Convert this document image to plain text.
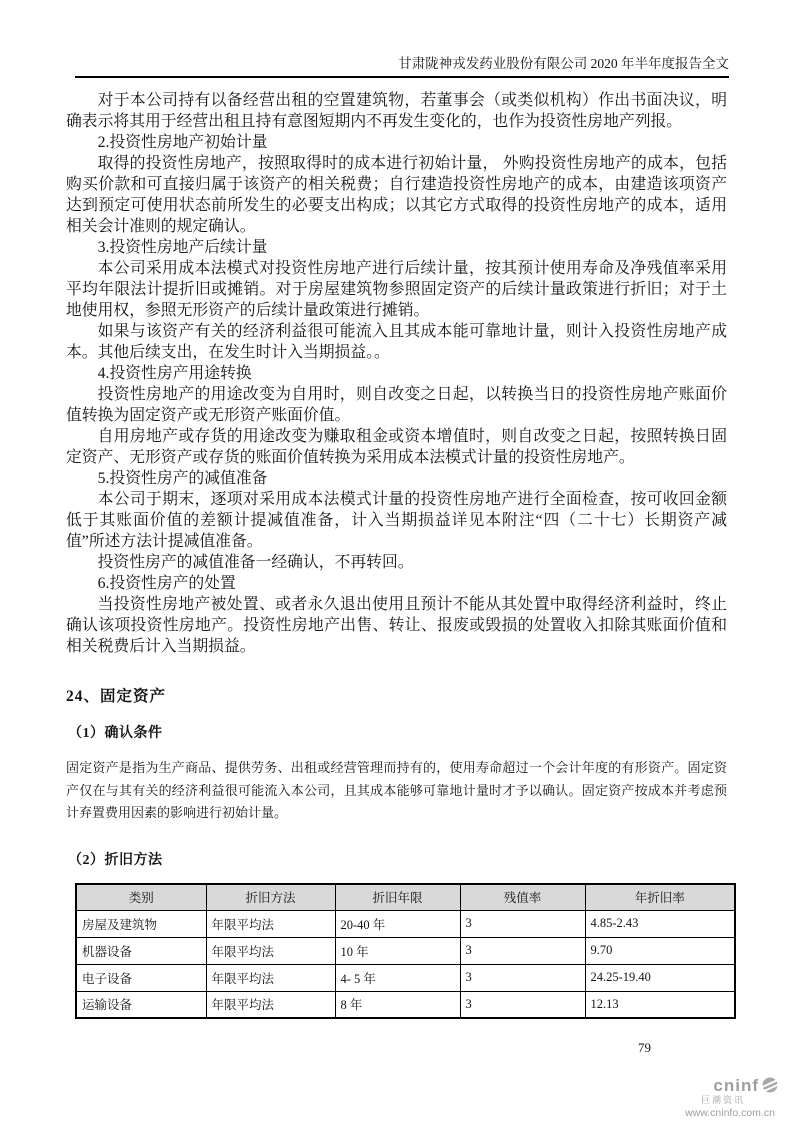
甘肃陇神戎发药业股份有限公司 2020 年半年度报告全文

对于本公司持有以备经营出租的空置建筑物，若董事会（或类似机构）作出书面决议，明确表示将其用于经营出租且持有意图短期内不再发生变化的，也作为投资性房地产列报。

2.投资性房地产初始计量

取得的投资性房地产，按照取得时的成本进行初始计量， 外购投资性房地产的成本，包括购买价款和可直接归属于该资产的相关税费；自行建造投资性房地产的成本，由建造该项资产达到预定可使用状态前所发生的必要支出构成；以其它方式取得的投资性房地产的成本，适用相关会计准则的规定确认。

3.投资性房地产后续计量

本公司采用成本法模式对投资性房地产进行后续计量，按其预计使用寿命及净残值率采用平均年限法计提折旧或摊销。对于房屋建筑物参照固定资产的后续计量政策进行折旧；对于土地使用权，参照无形资产的后续计量政策进行摊销。

如果与该资产有关的经济利益很可能流入且其成本能可靠地计量，则计入投资性房地产成本。其他后续支出，在发生时计入当期损益。。

4.投资性房产用途转换

投资性房地产的用途改变为自用时，则自改变之日起，以转换当日的投资性房地产账面价值转换为固定资产或无形资产账面价值。

自用房地产或存货的用途改变为赚取租金或资本增值时，则自改变之日起，按照转换日固定资产、无形资产或存货的账面价值转换为采用成本法模式计量的投资性房地产。

5.投资性房产的减值准备

本公司于期末，逐项对采用成本法模式计量的投资性房地产进行全面检查，按可收回金额低于其账面价值的差额计提减值准备，计入当期损益详见本附注“四（二十七）长期资产减值”所述方法计提减值准备。

投资性房产的减值准备一经确认，不再转回。

6.投资性房产的处置

当投资性房地产被处置、或者永久退出使用且预计不能从其处置中取得经济利益时，终止确认该项投资性房地产。投资性房地产出售、转让、报废或毁损的处置收入扣除其账面价值和相关税费后计入当期损益。

24、固定资产
（1）确认条件
固定资产是指为生产商品、提供劳务、出租或经营管理而持有的，使用寿命超过一个会计年度的有形资产。固定资产仅在与其有关的经济利益很可能流入本公司，且其成本能够可靠地计量时才予以确认。固定资产按成本并考虑预计弃置费用因素的影响进行初始计量。
（2）折旧方法
类别	折旧方法	折旧年限	残值率	年折旧率
房屋及建筑物	年限平均法	20-40 年	3	4.85-2.43
机器设备	年限平均法	10 年	3	9.70
电子设备	年限平均法	4- 5 年	3	24.25-19.40
运输设备	年限平均法	8 年	3	12.13
79
cninf
巨潮资讯
www.cninfo.com.cn
